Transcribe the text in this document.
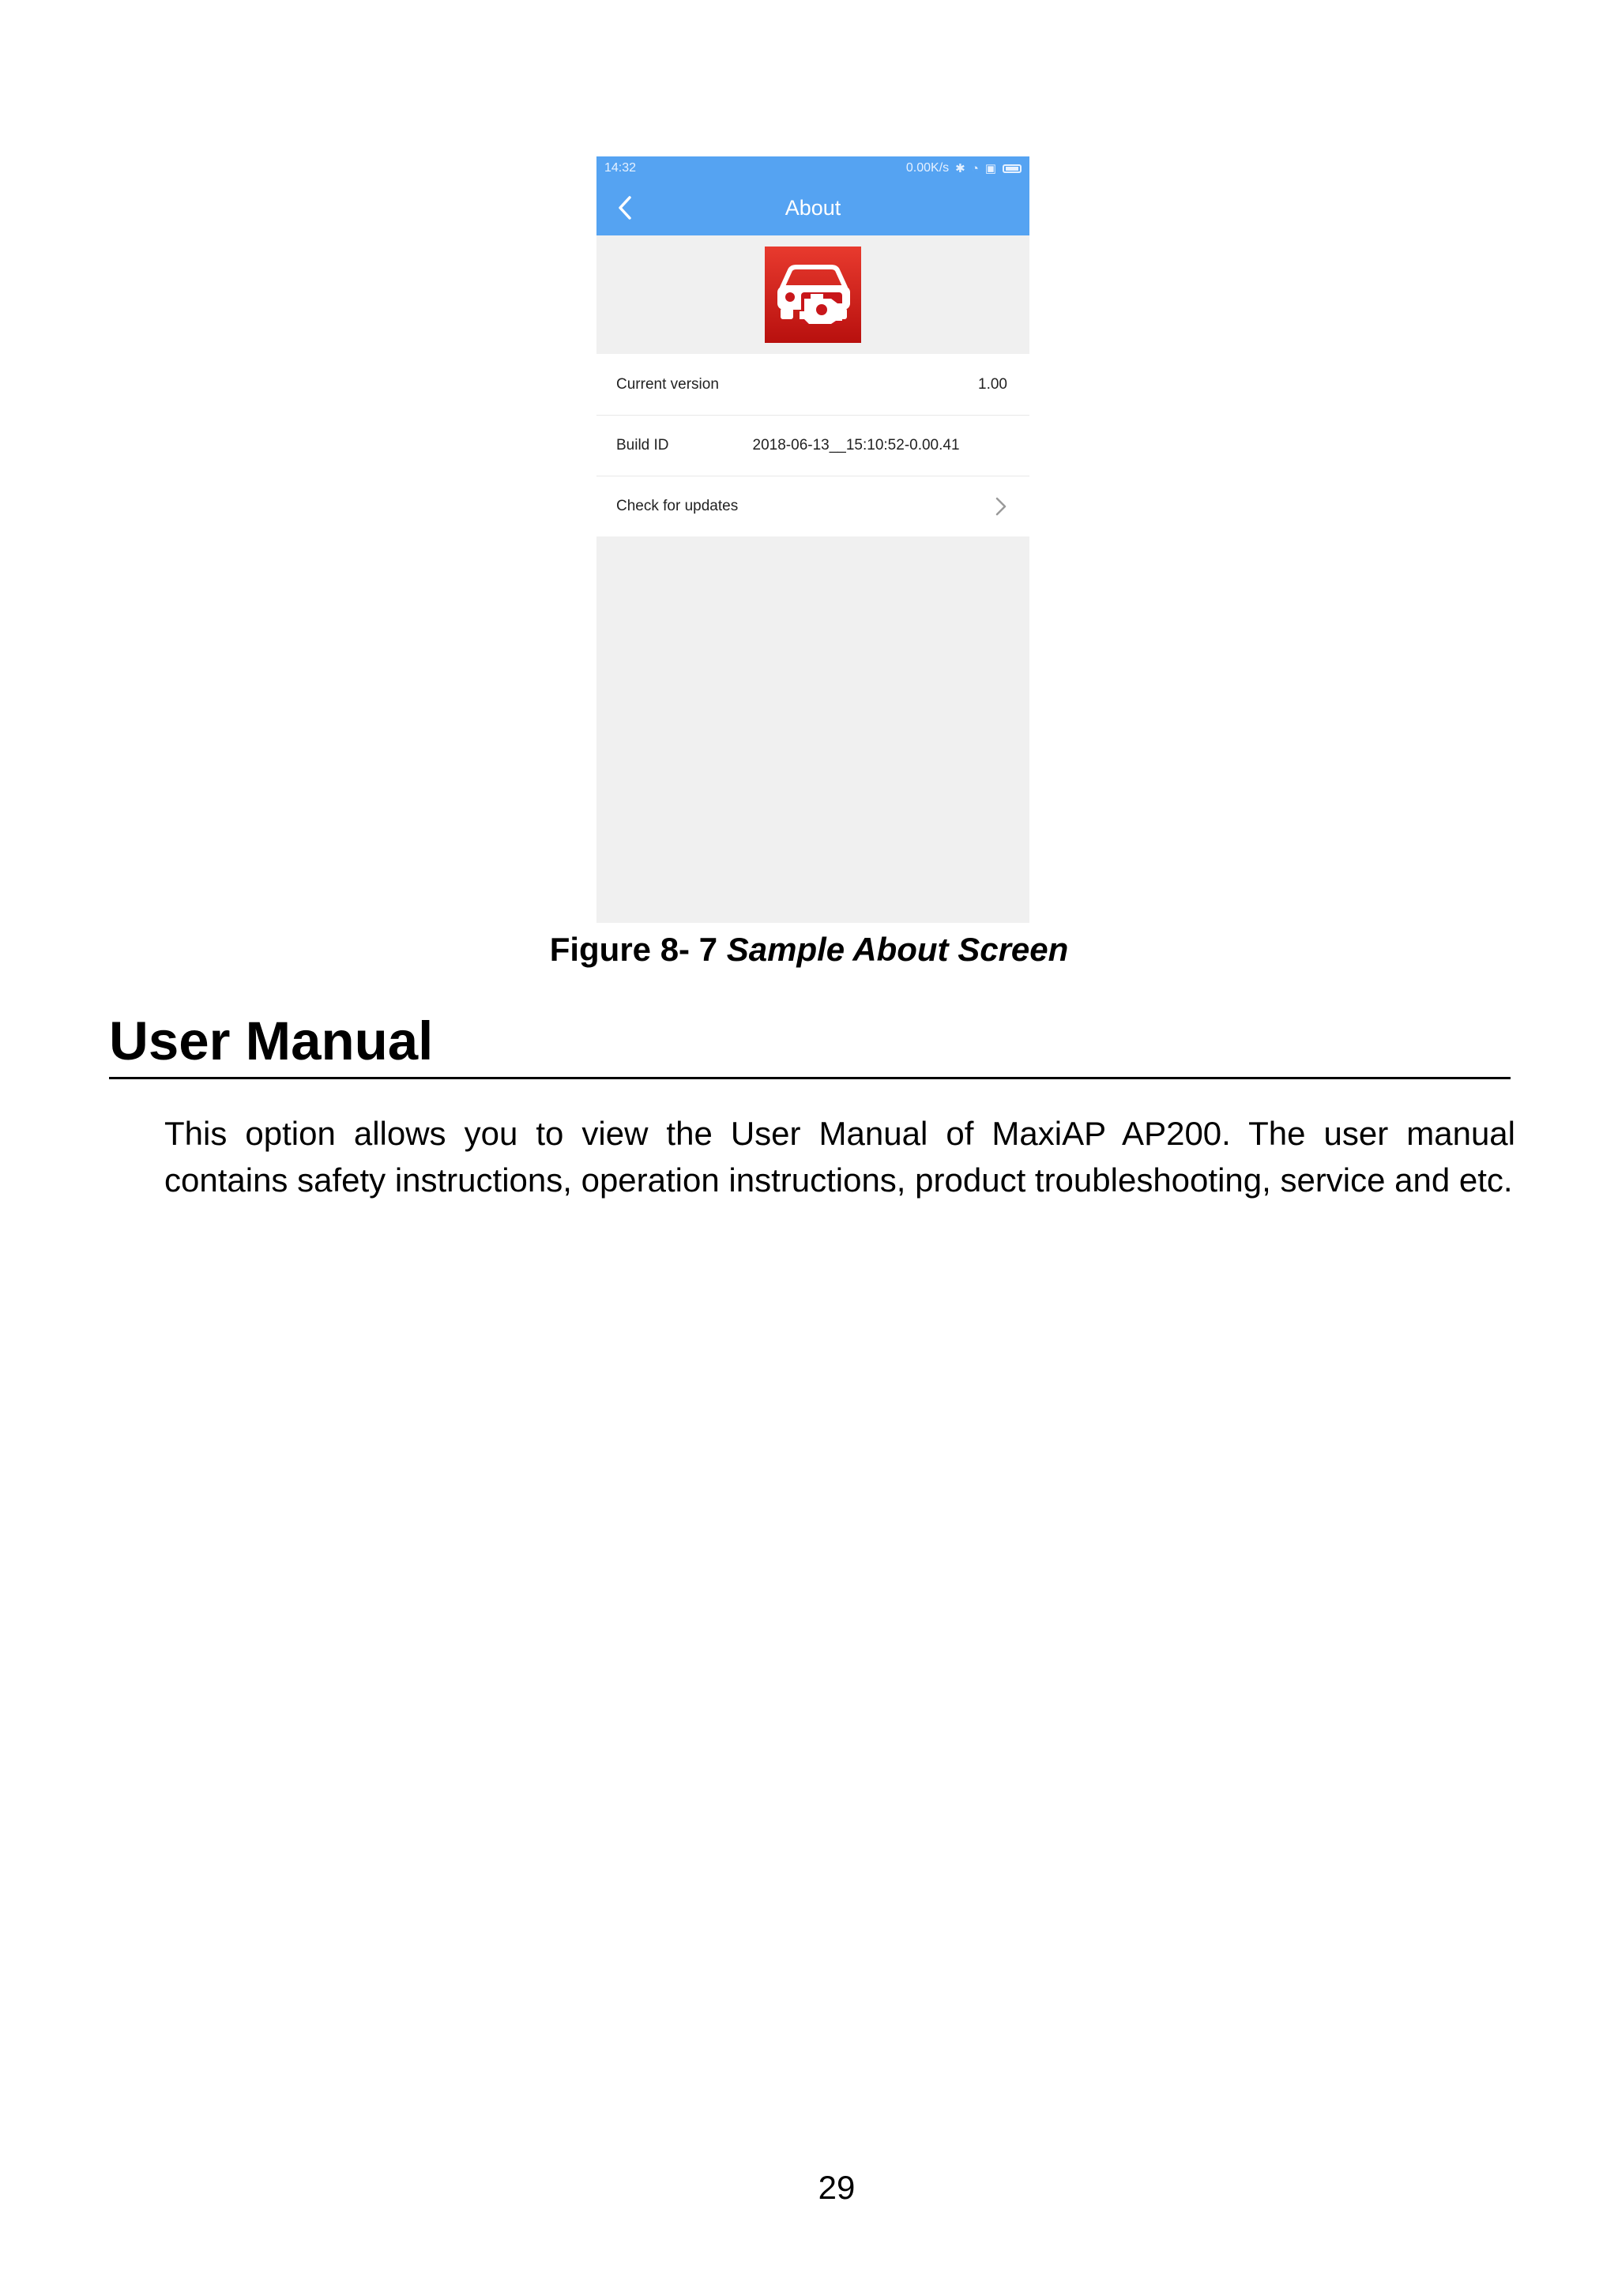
14:32	0.00K/s ✱ ◔ ▣
About
Current version	1.00
Build ID	2018-06-13__15:10:52-0.00.41
Check for updates
Figure 8- 7 Sample About Screen
User Manual

This option allows you to view the User Manual of MaxiAP AP200. The user manual contains safety instructions, operation instructions, product troubleshooting, service and etc.

29
